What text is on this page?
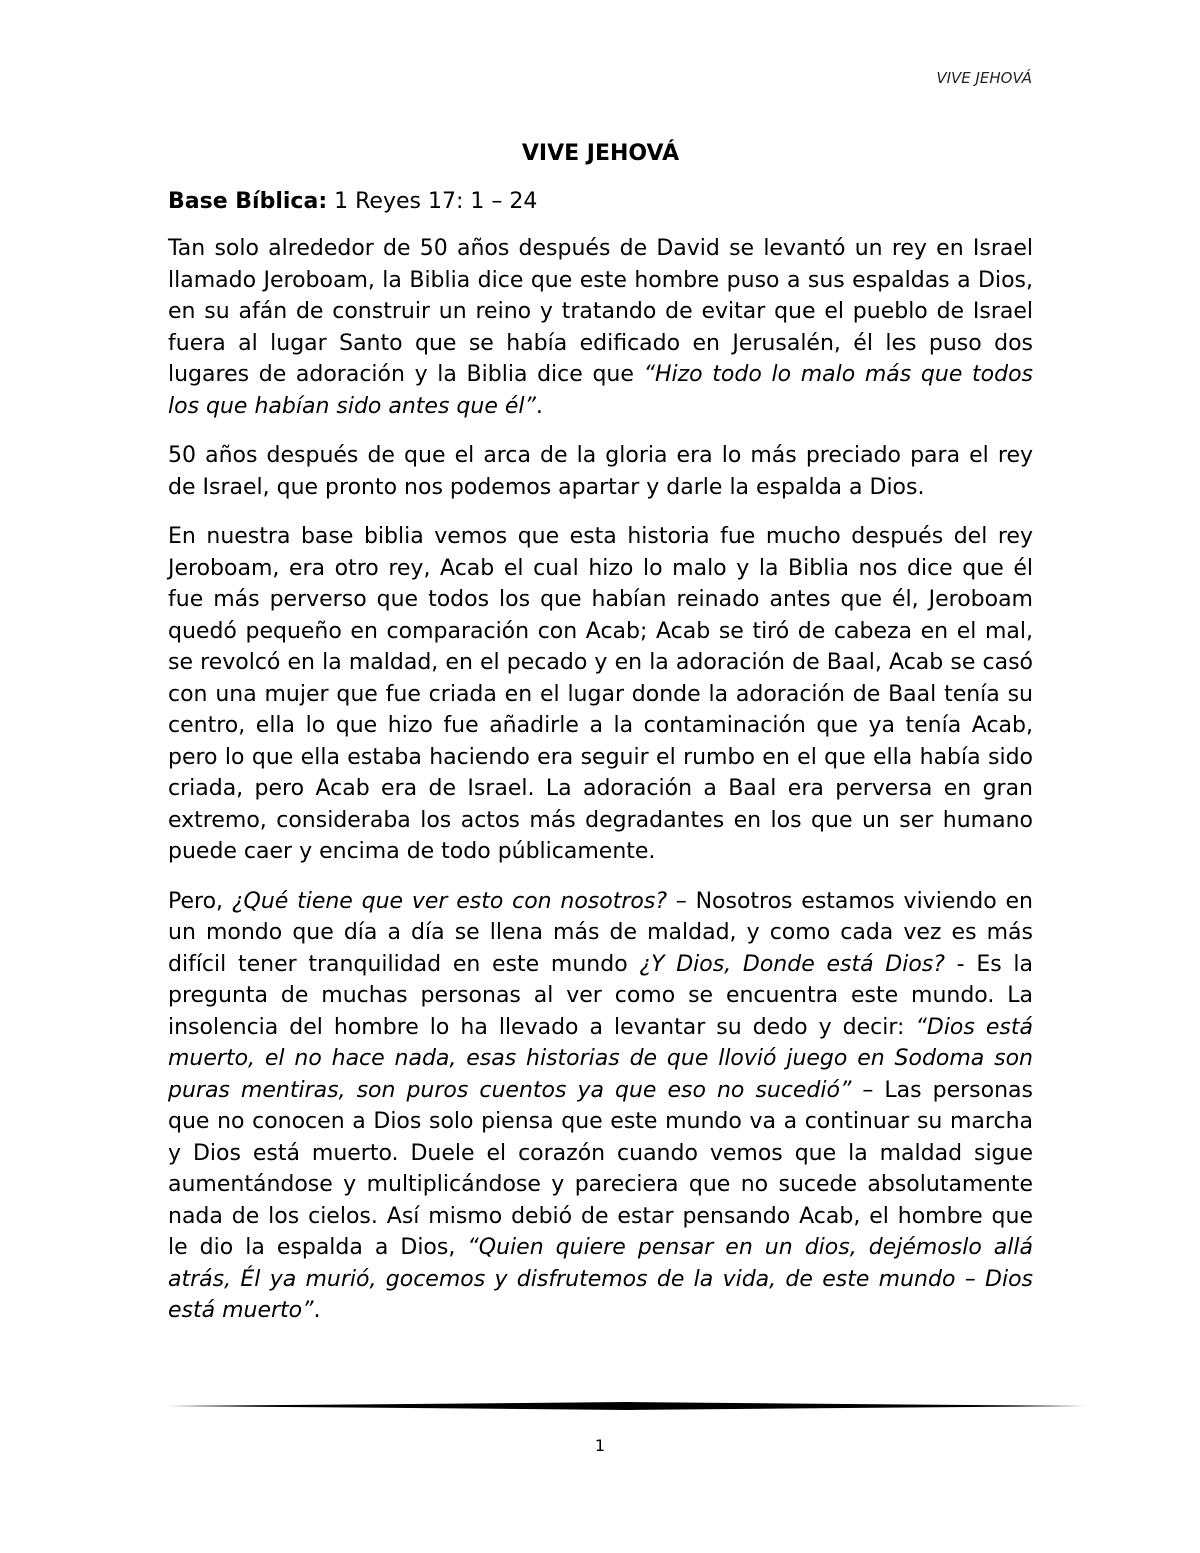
VIVE JEHOVÁ
VIVE JEHOVÁ
Base Bíblica: 1 Reyes 17: 1 – 24

Tan solo alrededor de 50 años después de David se levantó un rey en Israel llamado Jeroboam, la Biblia dice que este hombre puso a sus espaldas a Dios, en su afán de construir un reino y tratando de evitar que el pueblo de Israel fuera al lugar Santo que se había edificado en Jerusalén, él les puso dos lugares de adoración y la Biblia dice que “Hizo todo lo malo más que todos los que habían sido antes que él”.

50 años después de que el arca de la gloria era lo más preciado para el rey de Israel, que pronto nos podemos apartar y darle la espalda a Dios.

En nuestra base biblia vemos que esta historia fue mucho después del rey Jeroboam, era otro rey, Acab el cual hizo lo malo y la Biblia nos dice que él fue más perverso que todos los que habían reinado antes que él, Jeroboam quedó pequeño en comparación con Acab; Acab se tiró de cabeza en el mal, se revolcó en la maldad, en el pecado y en la adoración de Baal, Acab se casó con una mujer que fue criada en el lugar donde la adoración de Baal tenía su centro, ella lo que hizo fue añadirle a la contaminación que ya tenía Acab, pero lo que ella estaba haciendo era seguir el rumbo en el que ella había sido criada, pero Acab era de Israel. La adoración a Baal era perversa en gran extremo, consideraba los actos más degradantes en los que un ser humano puede caer y encima de todo públicamente.

Pero, ¿Qué tiene que ver esto con nosotros? – Nosotros estamos viviendo en un mondo que día a día se llena más de maldad, y como cada vez es más difícil tener tranquilidad en este mundo ¿Y Dios, Donde está Dios? - Es la pregunta de muchas personas al ver como se encuentra este mundo. La insolencia del hombre lo ha llevado a levantar su dedo y decir: “Dios está muerto, el no hace nada, esas historias de que llovió juego en Sodoma son puras mentiras, son puros cuentos ya que eso no sucedió” – Las personas que no conocen a Dios solo piensa que este mundo va a continuar su marcha y Dios está muerto. Duele el corazón cuando vemos que la maldad sigue aumentándose y multiplicándose y pareciera que no sucede absolutamente nada de los cielos. Así mismo debió de estar pensando Acab, el hombre que le dio la espalda a Dios, “Quien quiere pensar en un dios, dejémoslo allá atrás, Él ya murió, gocemos y disfrutemos de la vida, de este mundo – Dios está muerto”.

1
